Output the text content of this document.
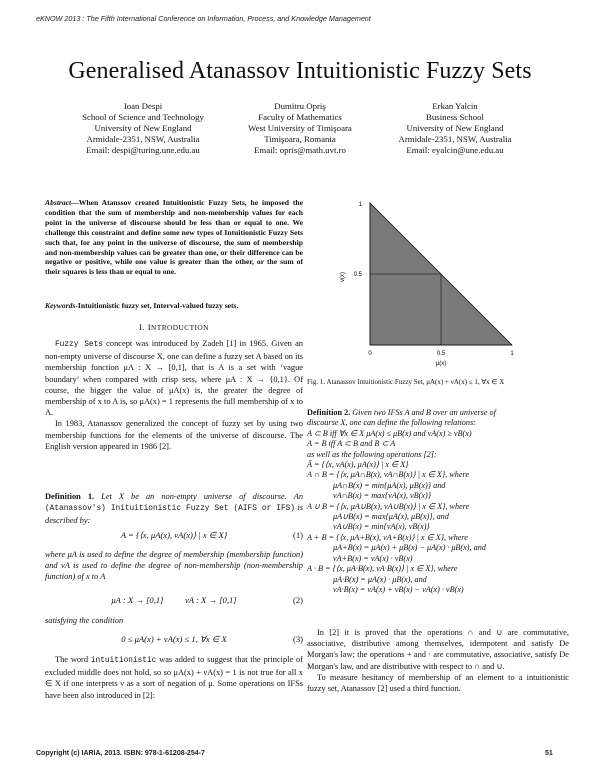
eKNOW 2013 : The Fifth International Conference on Information, Process, and Knowledge Management
Generalised Atanassov Intuitionistic Fuzzy Sets
Ioan Despi
School of Science and Technology
University of New England
Armidale-2351, NSW, Australia
Email: despi@turing.une.edu.au
Dumitru Opriş
Faculty of Mathematics
West University of Timişoara
Timişoara, Romania
Email: opris@math.uvt.ro
Erkan Yalcin
Business School
University of New England
Armidale-2351, NSW, Australia
Email: eyalcin@une.edu.au
Abstract—When Atanssov created Intuitionistic Fuzzy Sets, he imposed the condition that the sum of membership and non-membership values for each point in the universe of discourse should be less than or equal to one. We challenge this constraint and define some new types of Intuitionistic Fuzzy Sets such that, for any point in the universe of discourse, the sum of membership and non-membership values can be greater than one, or their difference can be negative or positive, while one value is greater than the other, or the sum of their squares is less than or equal to one.
Keywords-Intuitionistic fuzzy set, Interval-valued fuzzy sets.
I. INTRODUCTION

Fuzzy Sets concept was introduced by Zadeh [1] in 1965. Given an non-empty universe of discourse X, one can define a fuzzy set A based on its membership function μA : X → [0,1], that is A is a set with ‘vague boundary’ when compared with crisp sets, where μA : X → {0,1}. Of course, the bigger the value of μA(x) is, the greater the degree of membership of x to A is, so μA(x) = 1 represents the full membership of x to A.

In 1983, Atanassov generalized the concept of fuzzy set by using two membership functions for the elements of the universe of discourse. The English version appeared in 1986 [2].

Definition 1. Let X be an non-empty universe of discourse. An (Atanassov's) Inituitionistic Fuzzy Set (AIFS or IFS) is described by:

A = {⟨x, μA(x), νA(x)⟩ | x ∈ X}	(1)
where μA is used to define the degree of membership (membership function) and νA is used to define the degree of non-membership (non-membership function) of x to A
μA : X → [0,1]          νA : X → [0,1]	(2)
satisfying the condition
0 ≤ μA(x) + νA(x) ≤ 1, ∀x ∈ X	(3)

The word intuitionistic was added to suggest that the principle of excluded middle does not hold, so so μA(x) + νA(x) = 1 is not true for all x ∈ X if one interprets ν as a sort of negation of μ. Some operations on IFSs have been also introduced in [2]:

1
0.5
0	0.5	1
μ(x)
ν(x)
Fig. 1. Atanassov Intuitionistic Fuzzy Set, μA(x) + νA(x) ≤ 1, ∀x ∈ X
Definition 2. Given two IFSs A and B over an universe of
discourse X, one can define the following relations:
A ⊂ B iff ∀x ∈ X μA(x) ≤ μB(x) and νA(x) ≥ νB(x)
A = B iff A ⊂ B and B ⊂ A
as well as the following operations [2]:
Ā = {⟨x, νA(x), μA(x)⟩ | x ∈ X}
A ∩ B = {⟨x, μA∩B(x), νA∩B(x)⟩ | x ∈ X}, where
μA∩B(x) = min{μA(x), μB(x)} and
νA∩B(x) = max{νA(x), νB(x)}
A ∪ B = {⟨x, μA∪B(x), νA∪B(x)⟩ | x ∈ X}, where
μA∪B(x) = max{μA(x), μB(x)}, and
νA∪B(x) = min{νA(x), νB(x)}
A + B = {⟨x, μA+B(x), νA+B(x)⟩ | x ∈ X}, where
μA+B(x) = μA(x) + μB(x) − μA(x) · μB(x), and
νA+B(x) = νA(x) · νB(x)
A · B = {⟨x, μA·B(x), νA·B(x)⟩ | x ∈ X}, where
μA·B(x) = μA(x) · μB(x), and
νA·B(x) = νA(x) + νB(x) − νA(x) · νB(x)

In [2] it is proved that the operations ∩ and ∪ are commutative, associative, distributive among themselves, idempotent and satisfy De Morgan's law; the operations + and · are commutative, associative, satisfy De Morgan's law, and are distributive with respect to ∩ and ∪.

To measure hesitancy of membership of an element to a intuitionistic fuzzy set, Atanassov [2] used a third function.

Copyright (c) IARIA, 2013. ISBN: 978-1-61208-254-7	51
